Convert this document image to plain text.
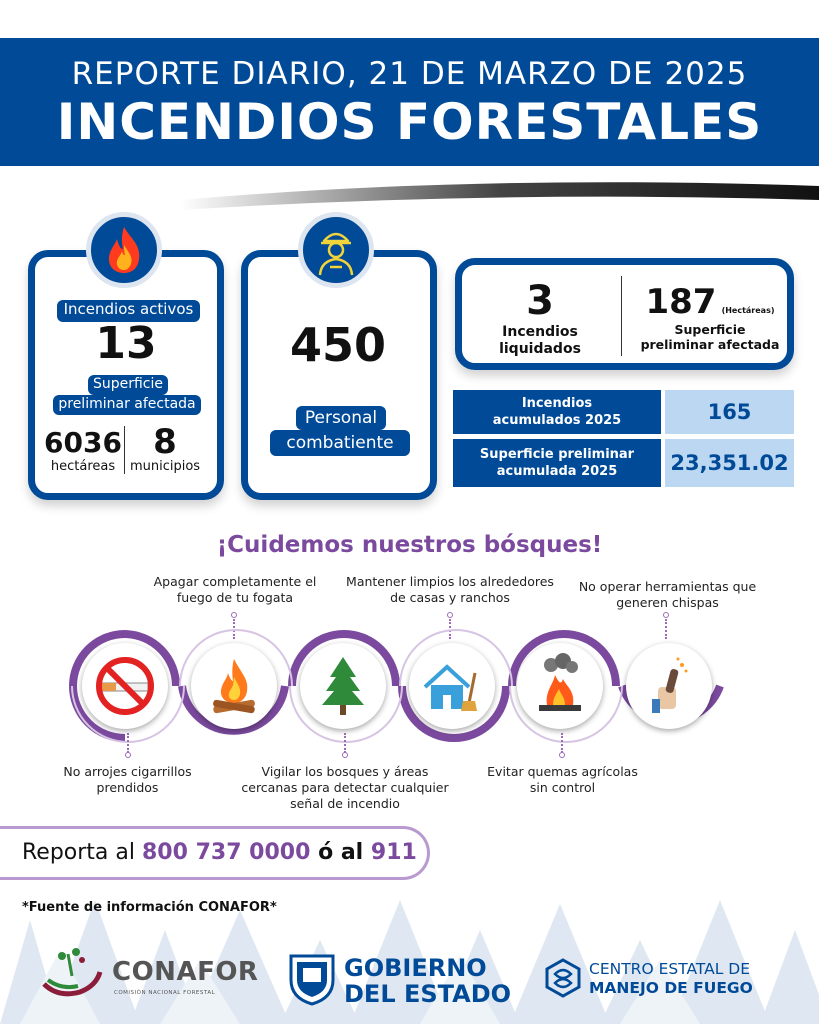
REPORTE DIARIO, 21 DE MARZO DE 2025
INCENDIOS FORESTALES
Incendios activos
13
Superficie
preliminar afectada
6036
hectáreas
8
municipios
450
Personal
combatiente
3
Incendios
liquidados
187 (Hectáreas)
Superficie
preliminar afectada
Incendios
acumulados 2025	165
Superficie preliminar
acumulada 2025	23,351.02
¡Cuidemos nuestros bósques!
Apagar completamente el
fuego de tu fogata
Mantener limpios los alrededores
de casas y ranchos
No operar herramientas que
generen chispas
No arrojes cigarrillos
prendidos
Vigilar los bosques y áreas
cercanas para detectar cualquier
señal de incendio
Evitar quemas agrícolas
sin control
Reporta al 800 737 0000 ó al 911
*Fuente de información CONAFOR*
CONAFOR
COMISIÓN NACIONAL FORESTAL
GOBIERNO
DEL ESTADO
CENTRO ESTATAL DE
MANEJO DE FUEGO
